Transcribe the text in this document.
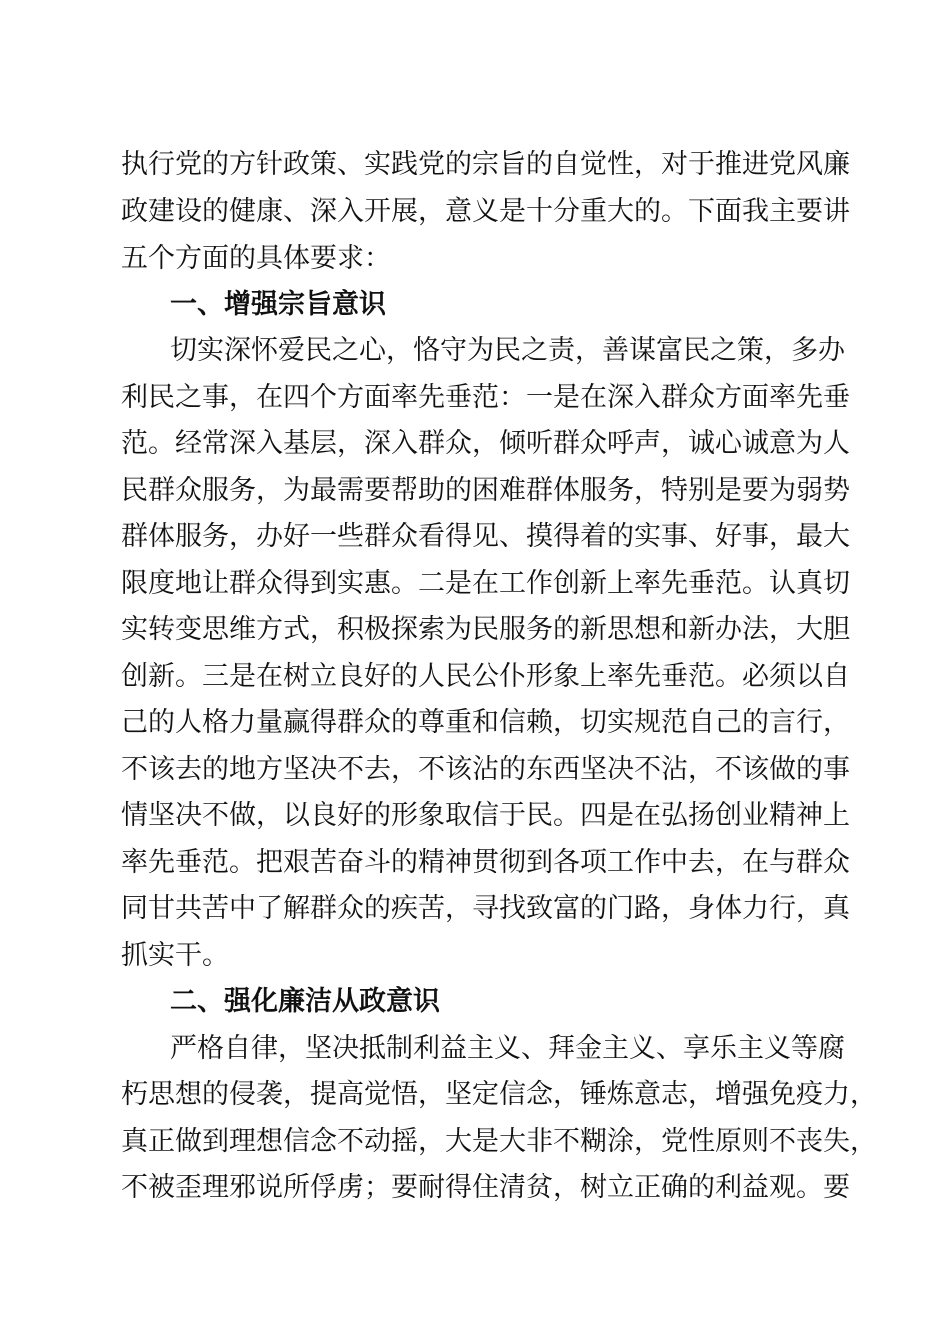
执行党的方针政策、实践党的宗旨的自觉性，对于推进党风廉
政建设的健康、深入开展，意义是十分重大的。下面我主要讲
五个方面的具体要求：
一、增强宗旨意识
切实深怀爱民之心，恪守为民之责，善谋富民之策，多办
利民之事，在四个方面率先垂范：一是在深入群众方面率先垂
范。经常深入基层，深入群众，倾听群众呼声，诚心诚意为人
民群众服务，为最需要帮助的困难群体服务，特别是要为弱势
群体服务，办好一些群众看得见、摸得着的实事、好事，最大
限度地让群众得到实惠。二是在工作创新上率先垂范。认真切
实转变思维方式，积极探索为民服务的新思想和新办法，大胆
创新。三是在树立良好的人民公仆形象上率先垂范。必须以自
己的人格力量赢得群众的尊重和信赖，切实规范自己的言行，
不该去的地方坚决不去，不该沾的东西坚决不沾，不该做的事
情坚决不做，以良好的形象取信于民。四是在弘扬创业精神上
率先垂范。把艰苦奋斗的精神贯彻到各项工作中去，在与群众
同甘共苦中了解群众的疾苦，寻找致富的门路，身体力行，真
抓实干。
二、强化廉洁从政意识
严格自律，坚决抵制利益主义、拜金主义、享乐主义等腐
朽思想的侵袭，提高觉悟，坚定信念，锤炼意志，增强免疫力，
真正做到理想信念不动摇，大是大非不糊涂，党性原则不丧失，
不被歪理邪说所俘虏；要耐得住清贫，树立正确的利益观。要
